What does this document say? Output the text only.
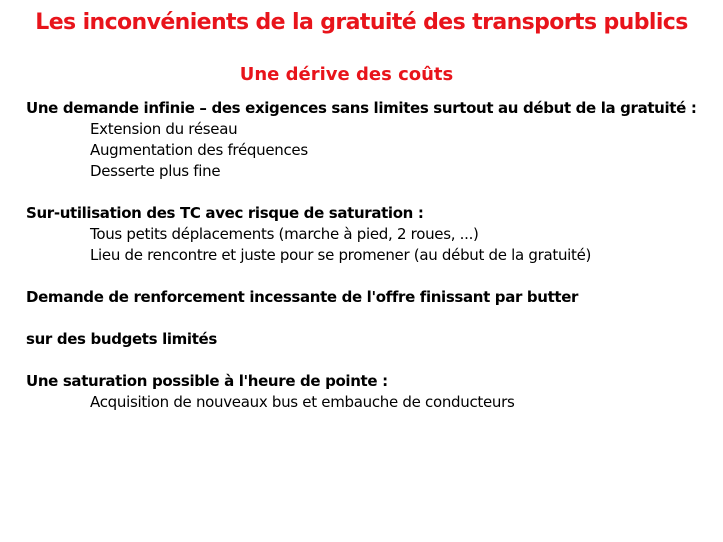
Les inconvénients de la gratuité des transports publics
Une dérive des coûts
Une demande infinie – des exigences sans limites surtout au début de la gratuité :
Extension du réseau
Augmentation des fréquences
Desserte plus fine
Sur-utilisation des TC avec risque de saturation :
Tous petits déplacements (marche à pied, 2 roues, ...)
Lieu de rencontre et juste pour se promener (au début de la gratuité)
Demande de renforcement incessante de l'offre finissant par butter
sur des budgets limités
Une saturation possible à l'heure de pointe :
Acquisition de nouveaux bus et embauche de conducteurs
